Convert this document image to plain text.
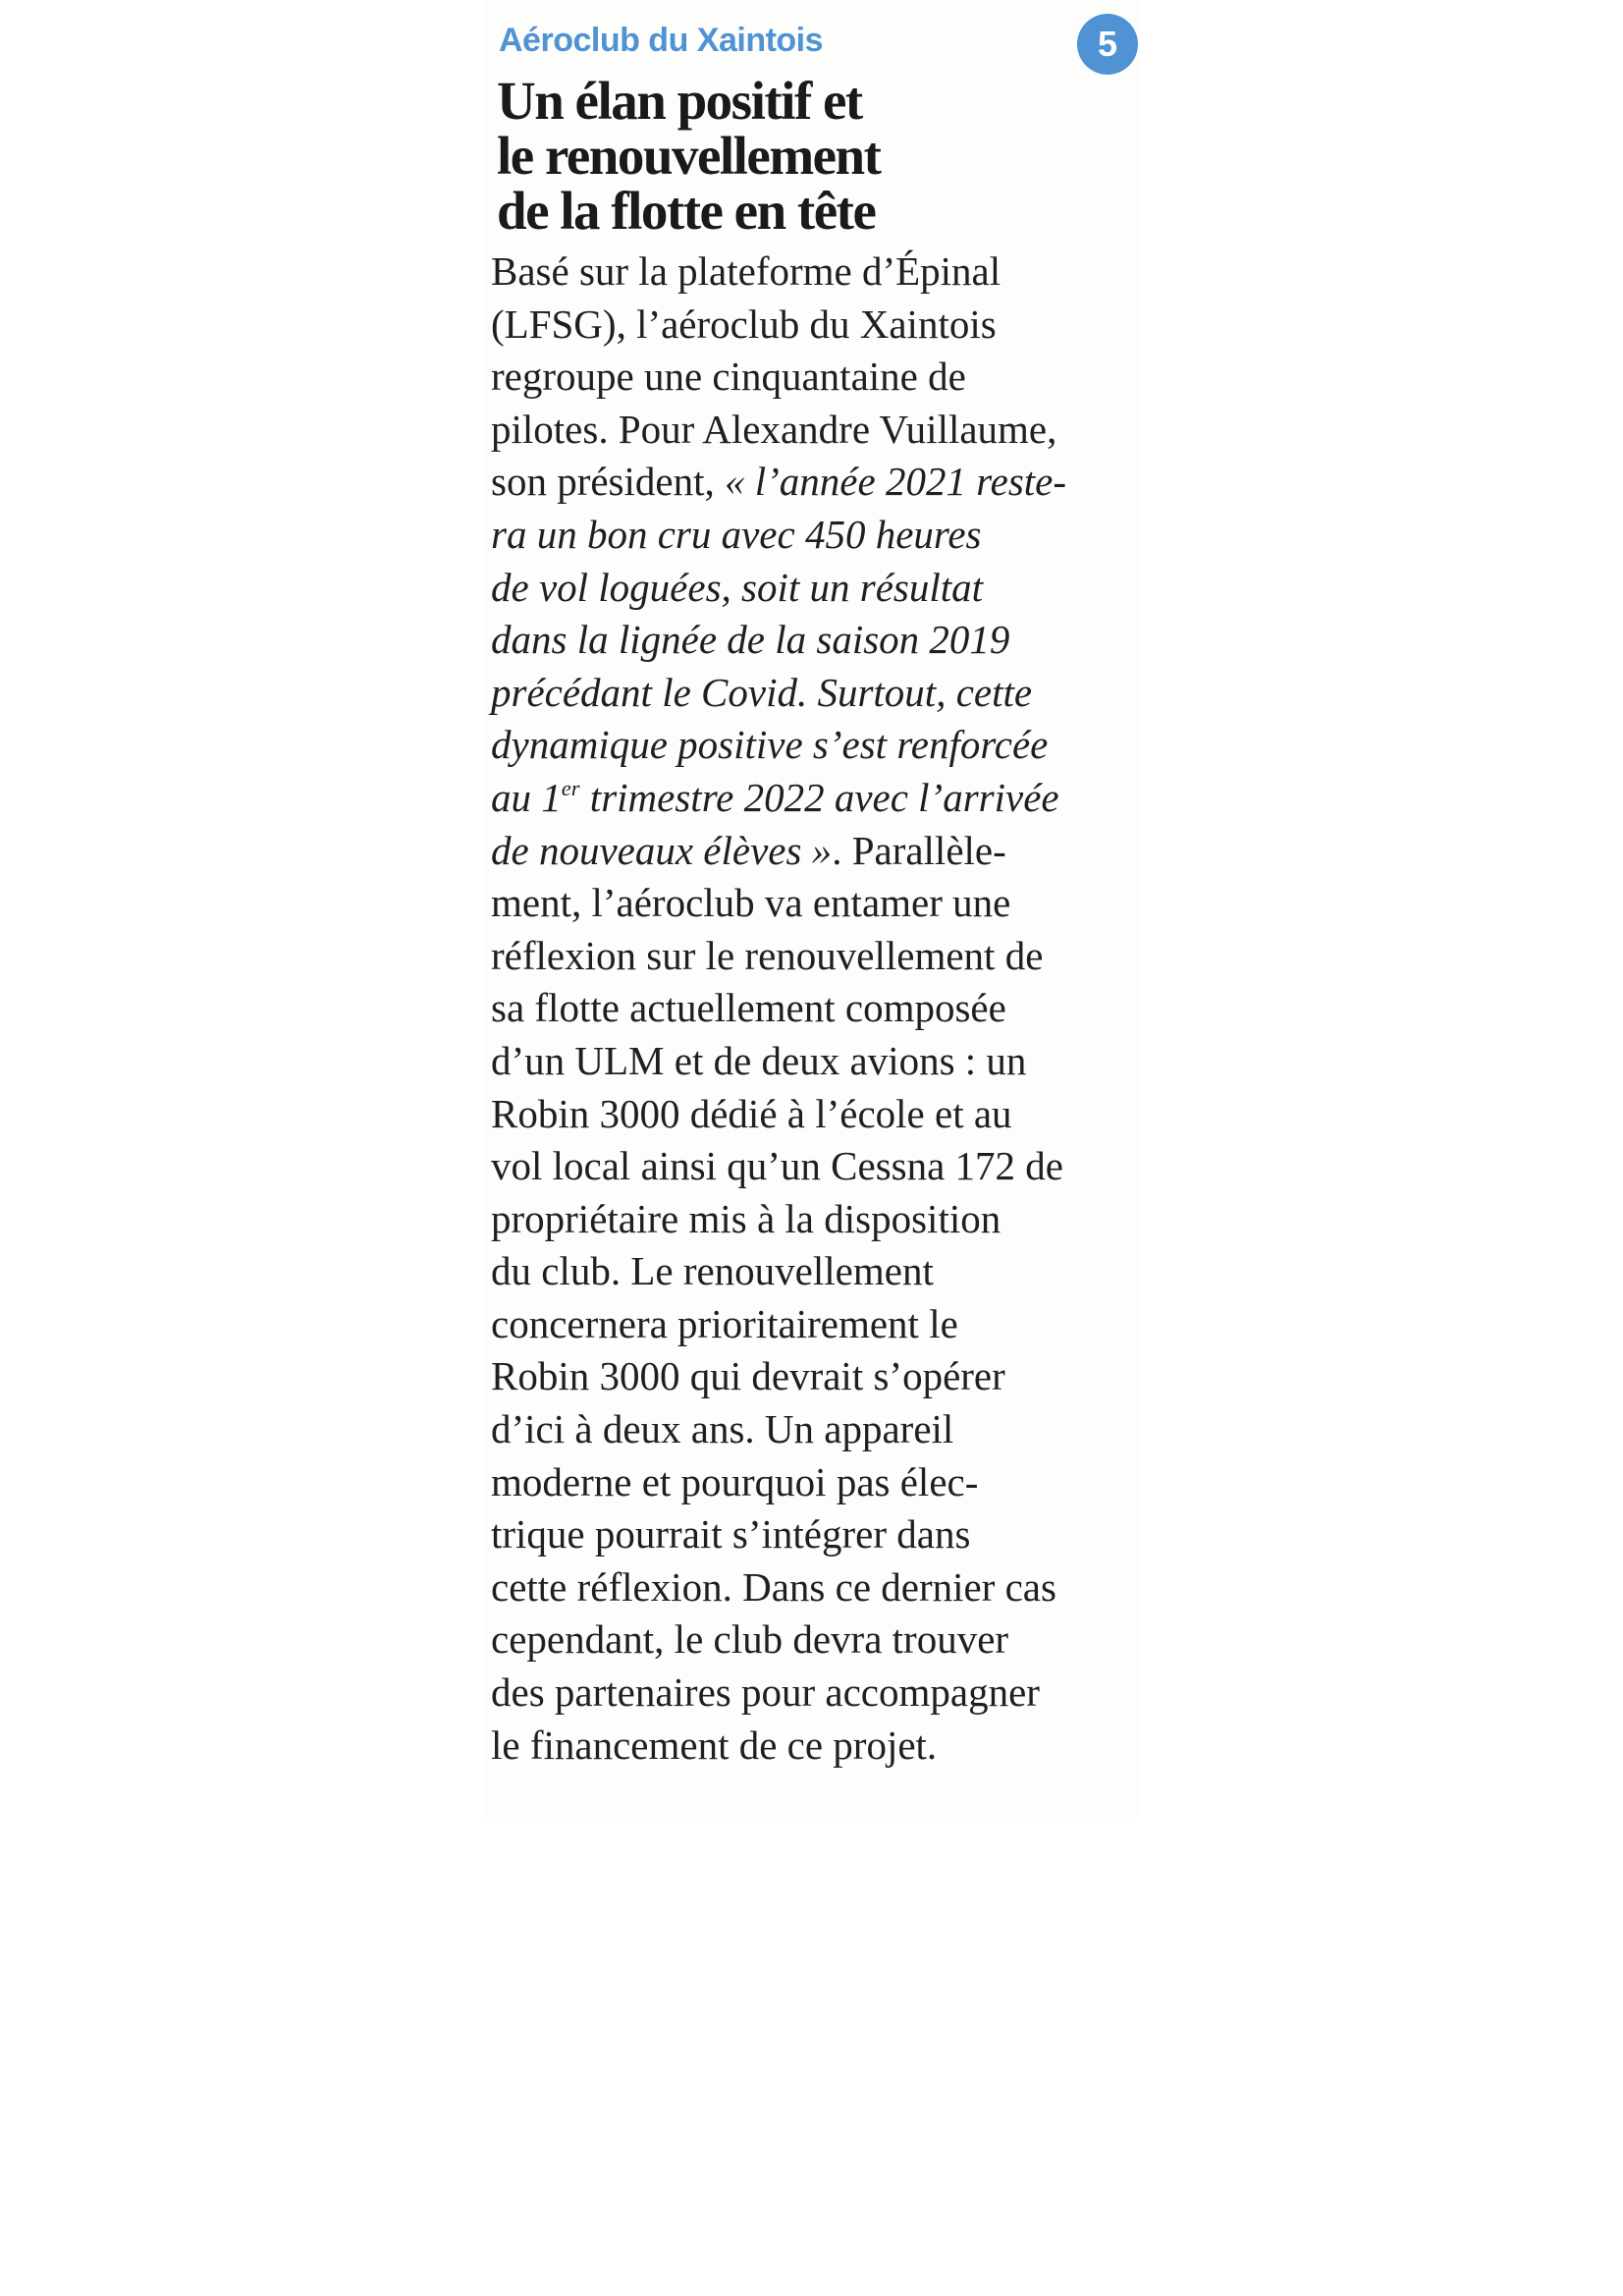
Aéroclub du Xaintois	5
Un élan positif et
le renouvellement
de la flotte en tête
Basé sur la plateforme d’Épinal
(LFSG), l’aéroclub du Xaintois
regroupe une cinquantaine de
pilotes. Pour Alexandre Vuillaume,
son président, « l’année 2021 reste-
ra un bon cru avec 450 heures
de vol loguées, soit un résultat
dans la lignée de la saison 2019
précédant le Covid. Surtout, cette
dynamique positive s’est renforcée
au 1er trimestre 2022 avec l’arrivée
de nouveaux élèves ». Parallèle-
ment, l’aéroclub va entamer une
réflexion sur le renouvellement de
sa flotte actuellement composée
d’un ULM et de deux avions : un
Robin 3000 dédié à l’école et au
vol local ainsi qu’un Cessna 172 de
propriétaire mis à la disposition
du club. Le renouvellement
concernera prioritairement le
Robin 3000 qui devrait s’opérer
d’ici à deux ans. Un appareil
moderne et pourquoi pas élec-
trique pourrait s’intégrer dans
cette réflexion. Dans ce dernier cas
cependant, le club devra trouver
des partenaires pour accompagner
le financement de ce projet.
